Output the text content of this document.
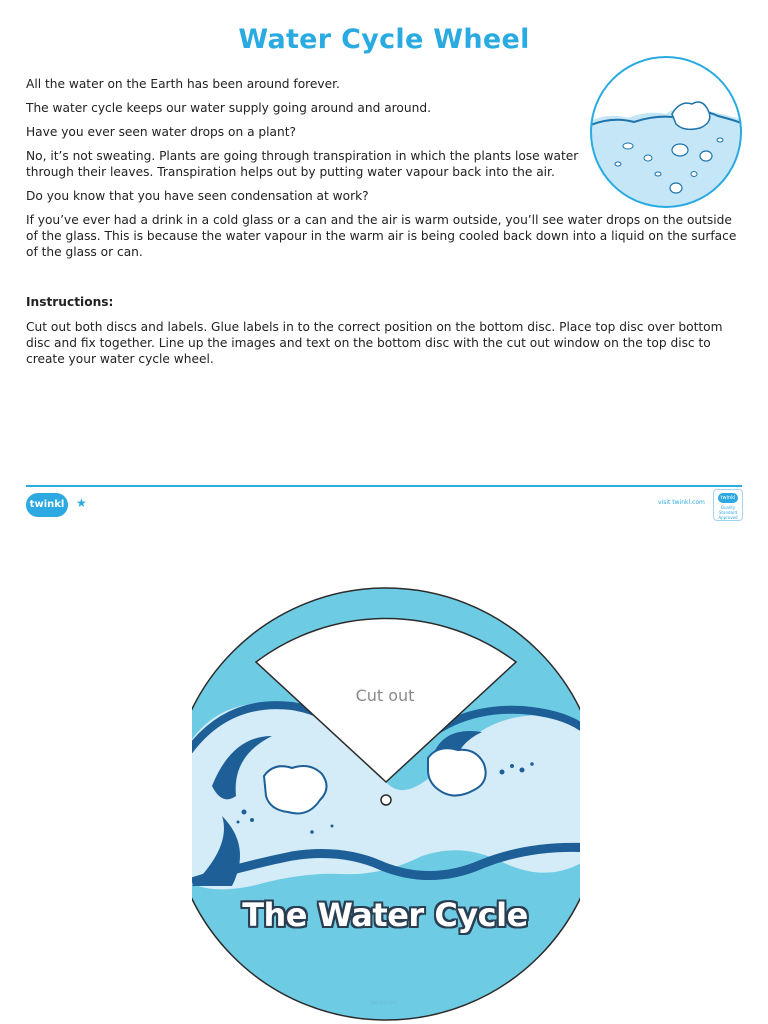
Water Cycle Wheel

All the water on the Earth has been around forever.

The water cycle keeps our water supply going around and around.

Have you ever seen water drops on a plant?

No, it’s not sweating. Plants are going through transpiration in which the plants lose water through their leaves. Transpiration helps out by putting water vapour back into the air.

Do you know that you have seen condensation at work?

If you’ve ever had a drink in a cold glass or a can and the air is warm outside, you’ll see water drops on the outside of the glass. This is because the water vapour in the warm air is being cooled back down into a liquid on the surface of the glass or can.

Instructions:
Cut out both discs and labels. Glue labels in to the correct position on the bottom disc. Place top disc over bottom disc and fix together. Line up the images and text on the bottom disc with the cut out window on the top disc to create your water cycle wheel.
twinkl ★	visit twinkl.com
twinkl
Quality Standard Approved
Cut out
The Water Cycle
twinkl.com
